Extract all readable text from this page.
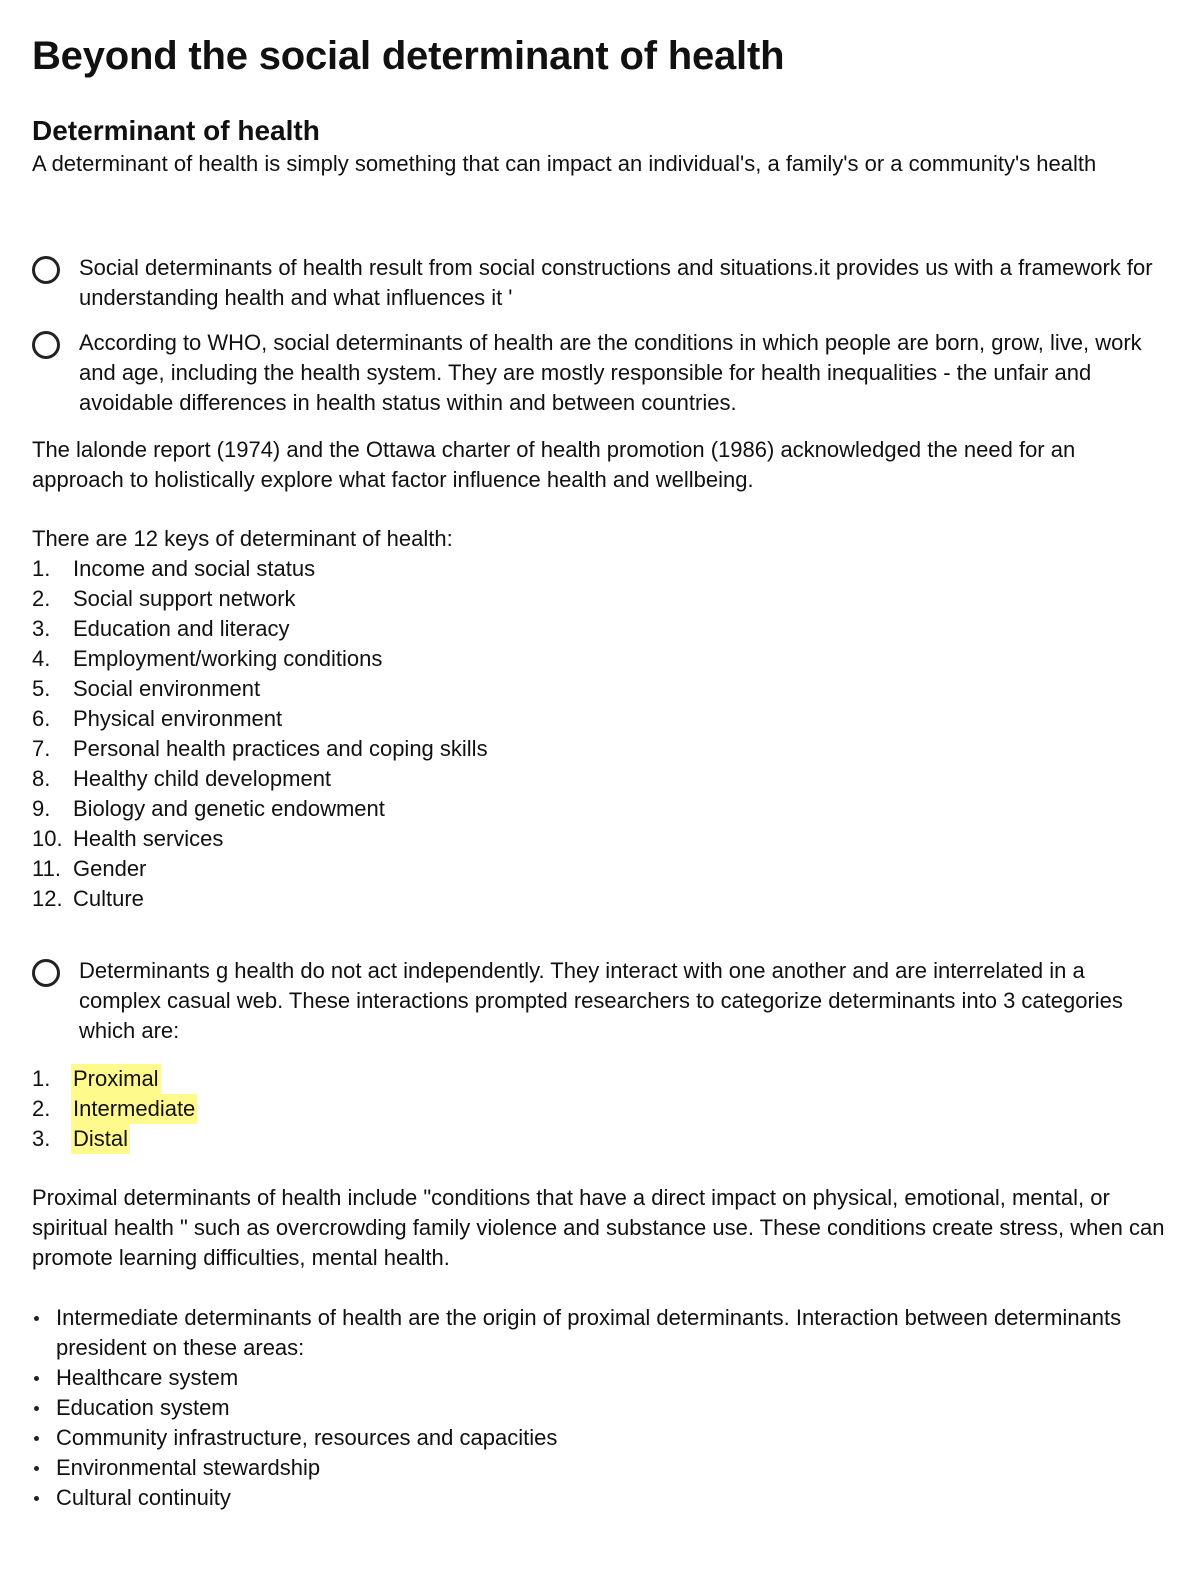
Beyond the social determinant of health
Determinant of health

A determinant of health is simply something that can impact an individual's, a family's or a community's health

Social determinants of health result from social constructions and situations.it provides us with a framework for understanding health and what influences it '
According to WHO, social determinants of health are the conditions in which people are born, grow, live, work and age, including the health system. They are mostly responsible for health inequalities - the unfair and avoidable differences in health status within and between countries.

The lalonde report (1974) and the Ottawa charter of health promotion (1986) acknowledged the need for an approach to holistically explore what factor influence health and wellbeing.

There are 12 keys of determinant of health:

1. Income and social status
2. Social support network
3. Education and literacy
4. Employment/working conditions
5. Social environment
6. Physical environment
7. Personal health practices and coping skills
8. Healthy child development
9. Biology and genetic endowment
10. Health services
11. Gender
12. Culture
Determinants g health do not act independently. They interact with one another and are interrelated in a complex casual web. These interactions prompted researchers to categorize determinants into 3 categories which are:
1. Proximal
2. Intermediate
3. Distal

Proximal determinants of health include "conditions that have a direct impact on physical, emotional, mental, or spiritual health " such as overcrowding family violence and substance use. These conditions create stress, when can promote learning difficulties, mental health.

Intermediate determinants of health are the origin of proximal determinants. Interaction between determinants president on these areas:
Healthcare system
Education system
Community infrastructure, resources and capacities
Environmental stewardship
Cultural continuity
